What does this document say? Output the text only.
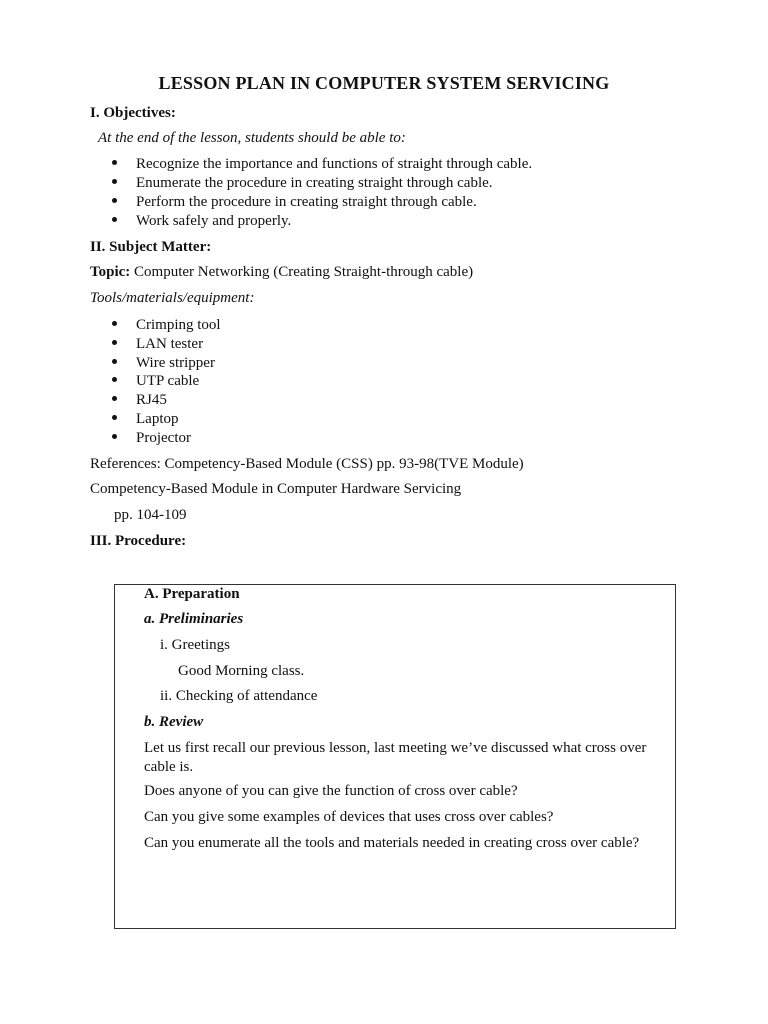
LESSON PLAN IN COMPUTER SYSTEM SERVICING
I. Objectives:
At the end of the lesson, students should be able to:
Recognize the importance and functions of straight through cable.
Enumerate the procedure in creating straight through cable.
Perform the procedure in creating straight through cable.
Work safely and properly.
II. Subject Matter:
Topic: Computer Networking (Creating Straight-through cable)
Tools/materials/equipment:
Crimping tool
LAN tester
Wire stripper
UTP cable
RJ45
Laptop
Projector
References: Competency-Based Module (CSS) pp. 93-98(TVE Module)
Competency-Based Module in Computer Hardware Servicing
pp. 104-109
III. Procedure:
A. Preparation
a. Preliminaries
i. Greetings
Good Morning class.
ii. Checking of attendance
b. Review
Let us first recall our previous lesson, last meeting we’ve discussed what cross over cable is.
Does anyone of you can give the function of cross over cable?
Can you give some examples of devices that uses cross over cables?
Can you enumerate all the tools and materials needed in creating cross over cable?
